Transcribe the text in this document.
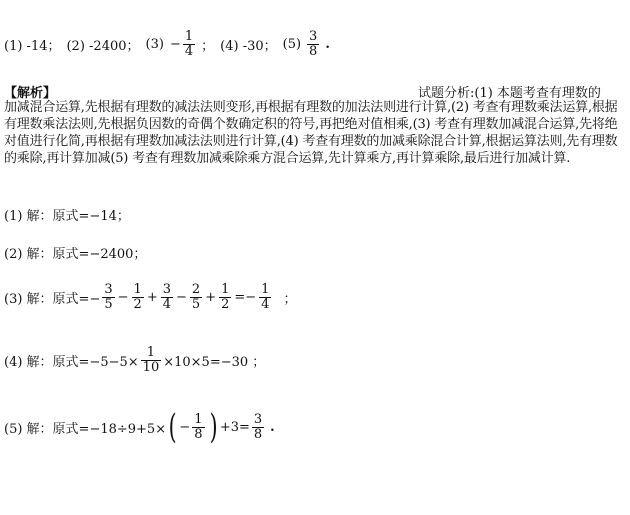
(1) -14； (2) -2400； $(3) - \frac{1}{4}$ ； (4) -30； $(5) \frac{3}{8}$ .
【解析】	试题分析:(1) 本题考查有理数的
加减混合运算,先根据有理数的减法法则变形,再根据有理数的加法法则进行计算,(2) 考查有理数乘法运算,根据有理数乘法法则,先根据负因数的奇偶个数确定积的符号,再把绝对值相乘,(3) 考查有理数加减混合运算,先将绝对值进行化简,再根据有理数加减法法则进行计算,(4) 考查有理数的加减乘除混合计算,根据运算法则,先有理数的乘除,再计算加减(5) 考查有理数加减乘除乘方混合运算,先计算乘方,再计算乘除,最后进行加减计算.
(1) 解：原式=−14；
(2) 解：原式=−2400；
(3) 解：原式=− $\frac{3}{5} - \frac{1}{2} + \frac{3}{4} - \frac{2}{5} + \frac{1}{2} =- \frac{1}{4}$ ；
(4) 解：原式$=-5-5\times \frac{1}{10} \times 10\times 5=-30$ ；
(5) 解：原式=−18÷9+5× ( − $\frac{1}{8}$ ) $+3= \frac{3}{8}$ .
